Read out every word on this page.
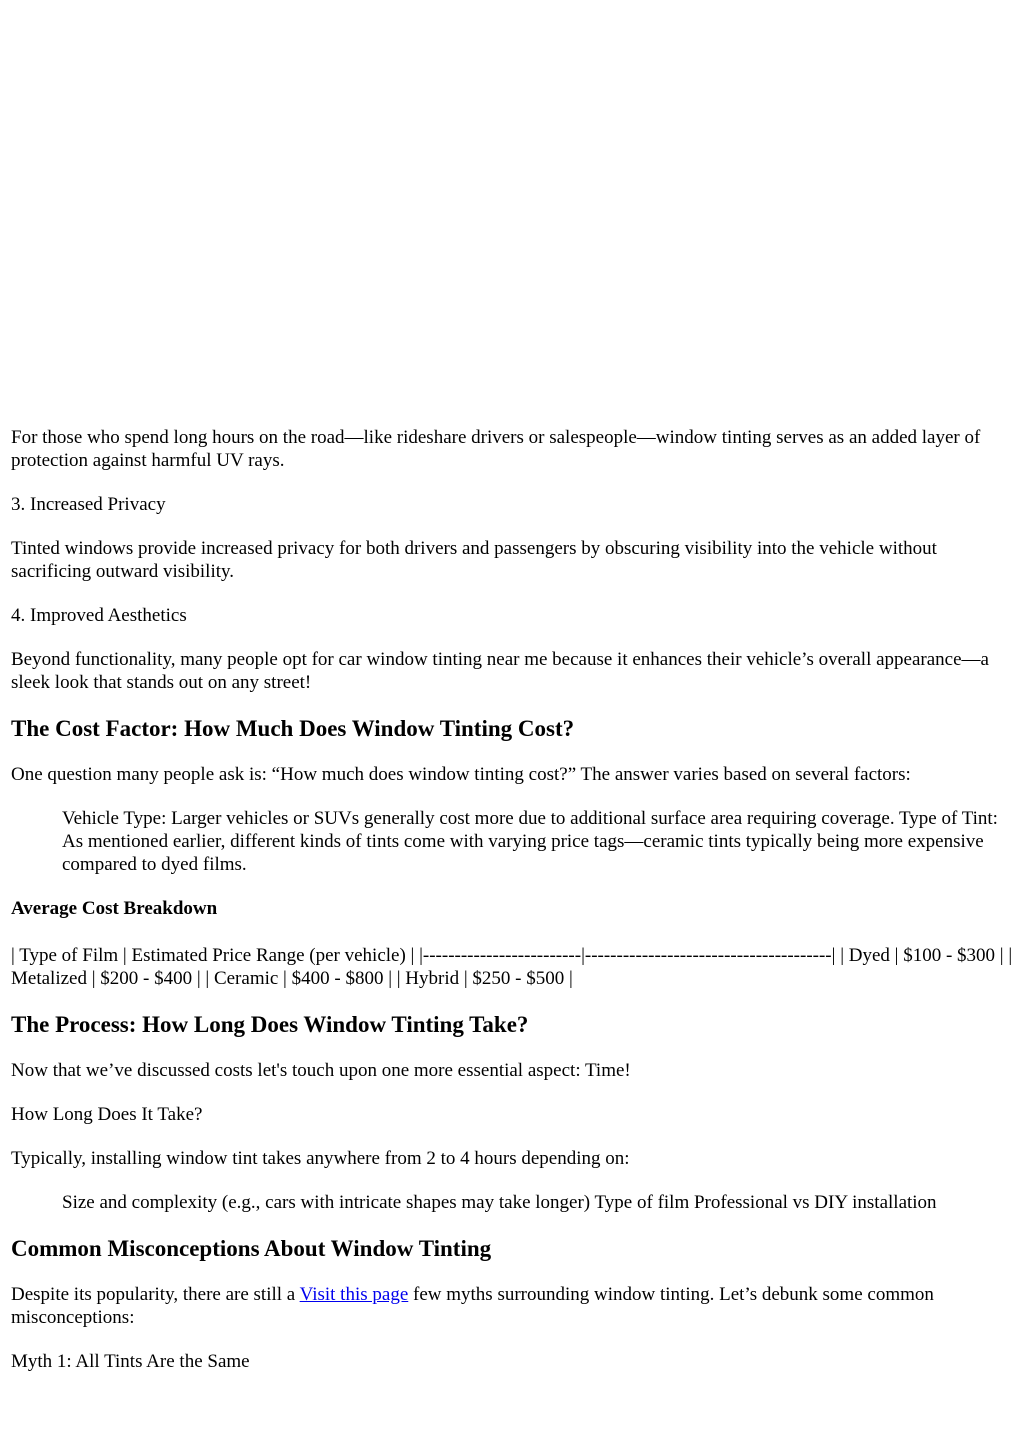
For those who spend long hours on the road—like rideshare drivers or salespeople—window tinting serves as an added layer of protection against harmful UV rays.

3. Increased Privacy

Tinted windows provide increased privacy for both drivers and passengers by obscuring visibility into the vehicle without sacrificing outward visibility.

4. Improved Aesthetics

Beyond functionality, many people opt for car window tinting near me because it enhances their vehicle’s overall appearance—a sleek look that stands out on any street!

The Cost Factor: How Much Does Window Tinting Cost?

One question many people ask is: “How much does window tinting cost?” The answer varies based on several factors:

Vehicle Type: Larger vehicles or SUVs generally cost more due to additional surface area requiring coverage. Type of Tint: As mentioned earlier, different kinds of tints come with varying price tags—ceramic tints typically being more expensive compared to dyed films.
Average Cost Breakdown

| Type of Film | Estimated Price Range (per vehicle) | |-------------------------|---------------------------------------| | Dyed | $100 - $300 | | Metalized | $200 - $400 | | Ceramic | $400 - $800 | | Hybrid | $250 - $500 |

The Process: How Long Does Window Tinting Take?

Now that we’ve discussed costs let's touch upon one more essential aspect: Time!

How Long Does It Take?

Typically, installing window tint takes anywhere from 2 to 4 hours depending on:

Size and complexity (e.g., cars with intricate shapes may take longer) Type of film Professional vs DIY installation
Common Misconceptions About Window Tinting

Despite its popularity, there are still a Visit this page few myths surrounding window tinting. Let’s debunk some common misconceptions:

Myth 1: All Tints Are the Same
